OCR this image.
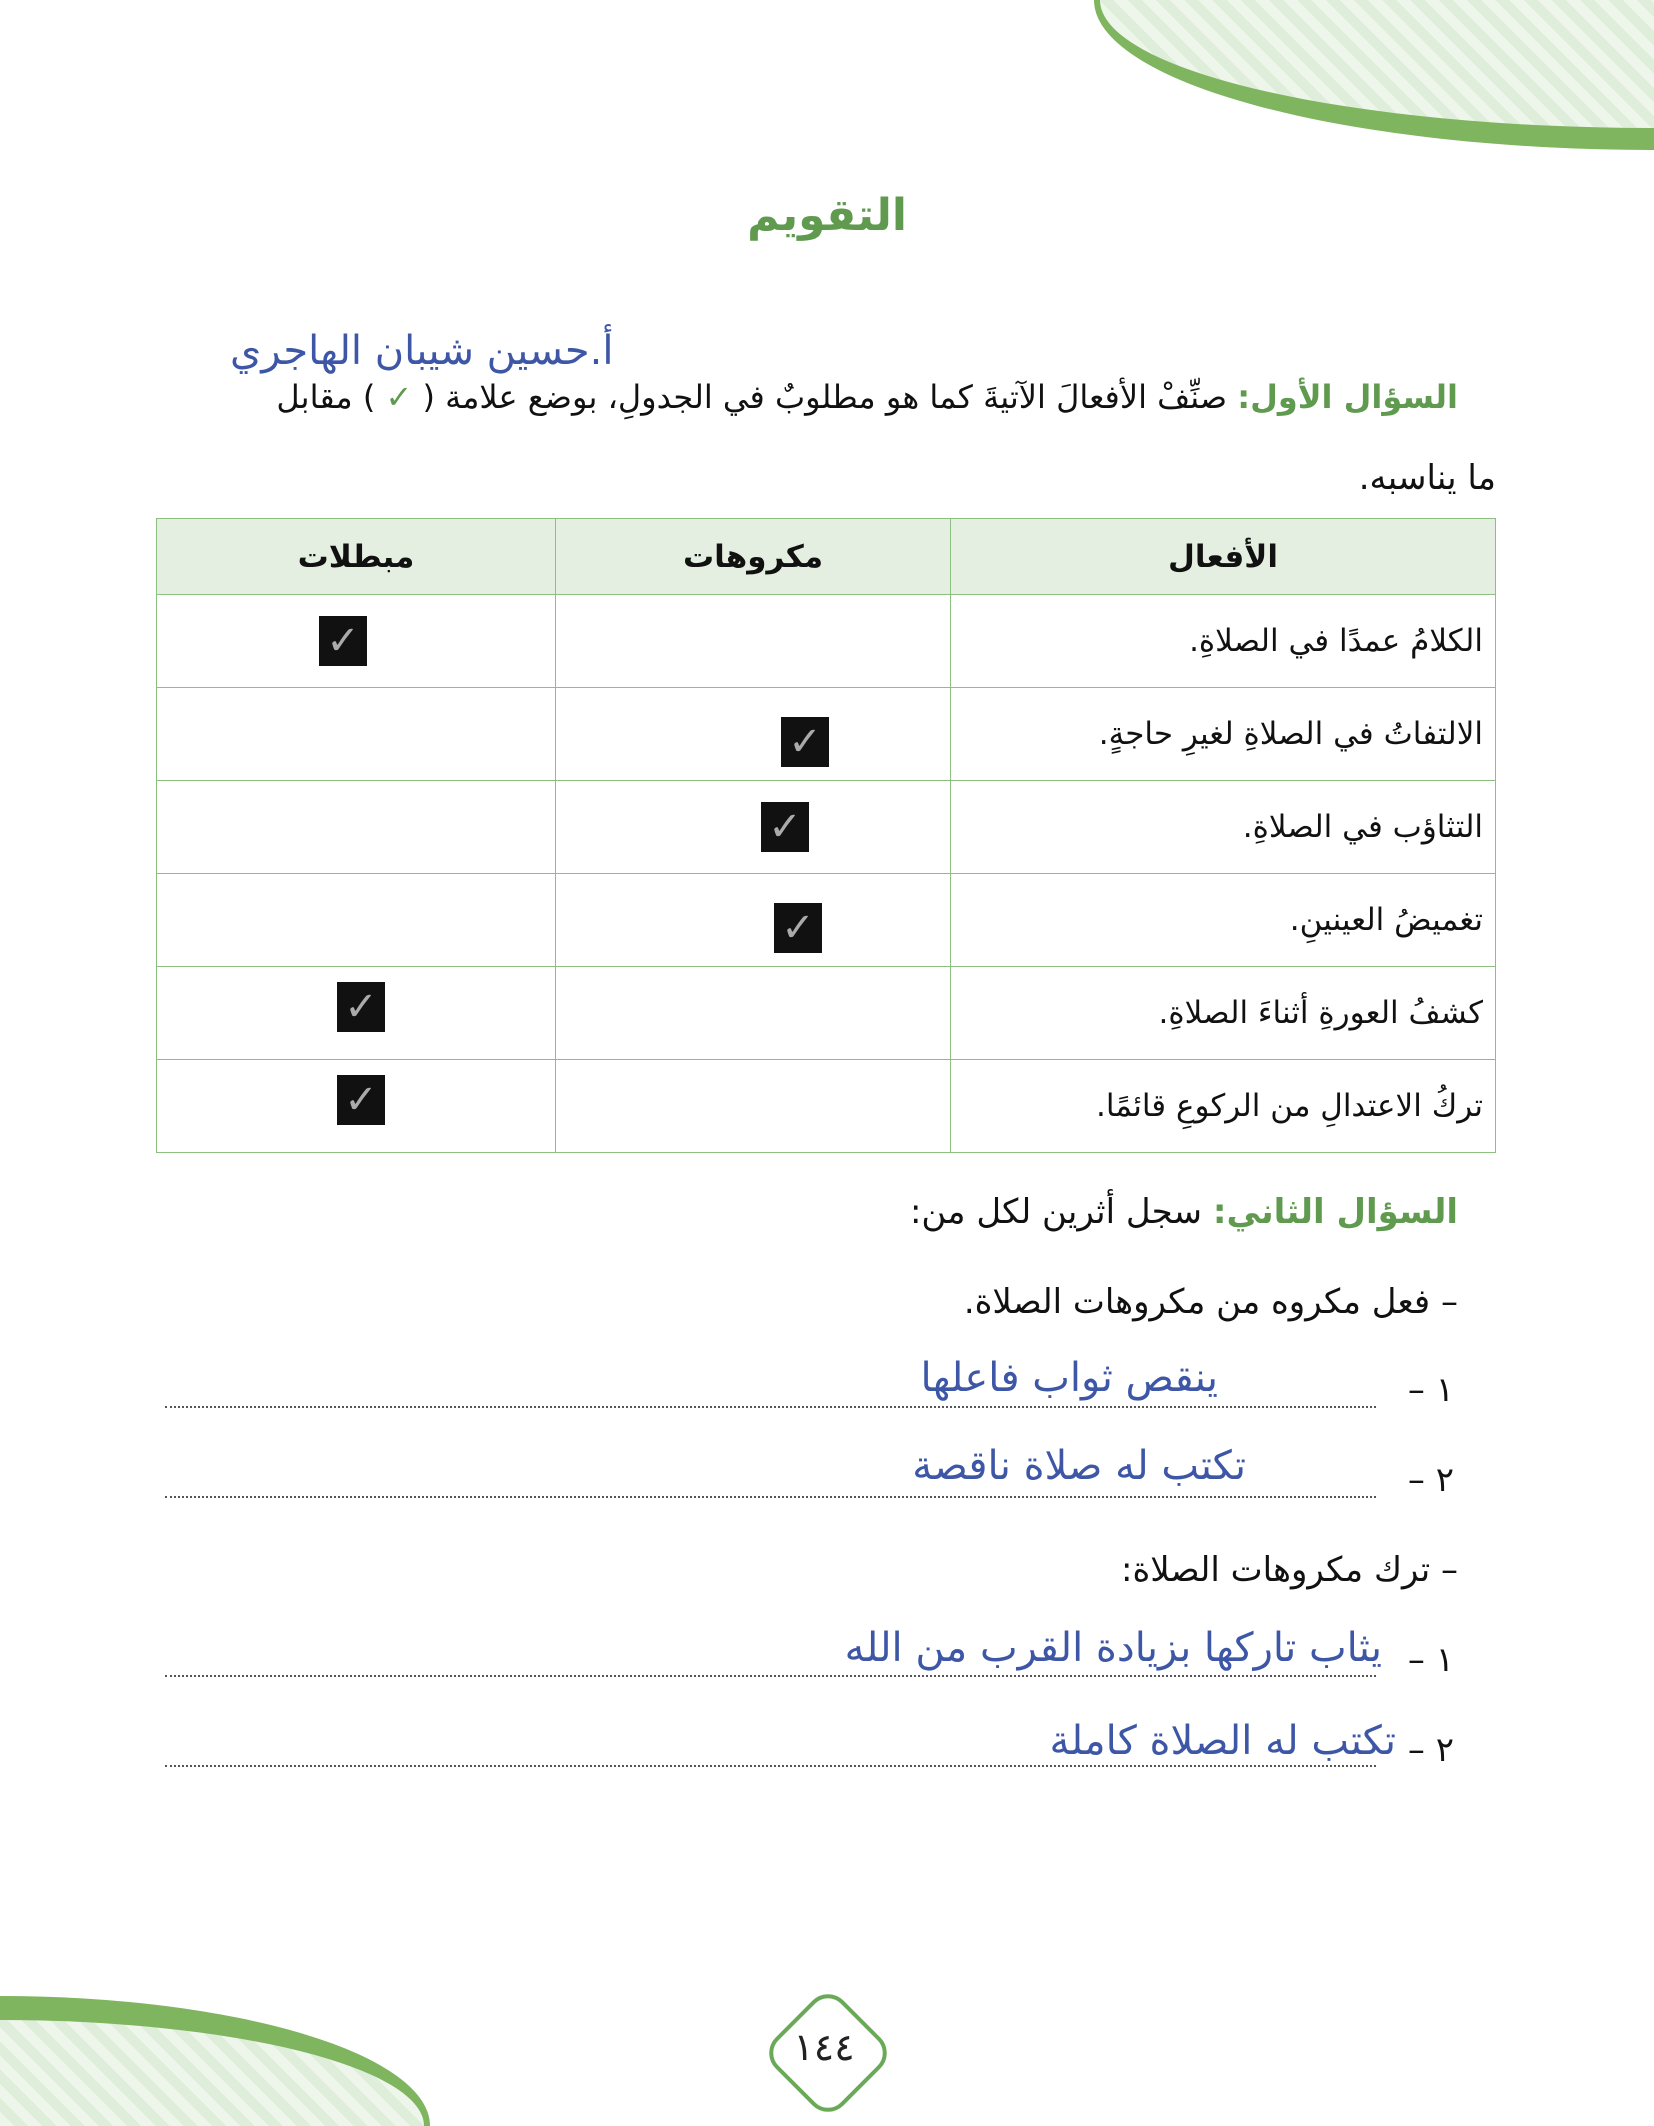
التقويم
أ.حسين شيبان الهاجري
السؤال الأول: صنِّفْ الأفعالَ الآتيةَ كما هو مطلوبٌ في الجدولِ، بوضع علامة ( ✓ ) مقابل
ما يناسبه.
الأفعال	مكروهات	مبطلات
الكلامُ عمدًا في الصلاةِ.		✓

الالتفاتُ في الصلاةِ لغيرِ حاجةٍ.	✓	

التثاؤب في الصلاةِ.	✓	

تغميضُ العينينِ.	✓	

كشفُ العورةِ أثناءَ الصلاةِ.		✓

تركُ الاعتدالِ من الركوعِ قائمًا.		✓
السؤال الثاني: سجل أثرين لكل من:
– فعل مكروه من مكروهات الصلاة.
١ –
ينقص ثواب فاعلها
٢ –
تكتب له صلاة ناقصة
– ترك مكروهات الصلاة:
١ –
يثاب تاركها بزيادة القرب من الله
٢ –
تكتب له الصلاة كاملة
١٤٤
